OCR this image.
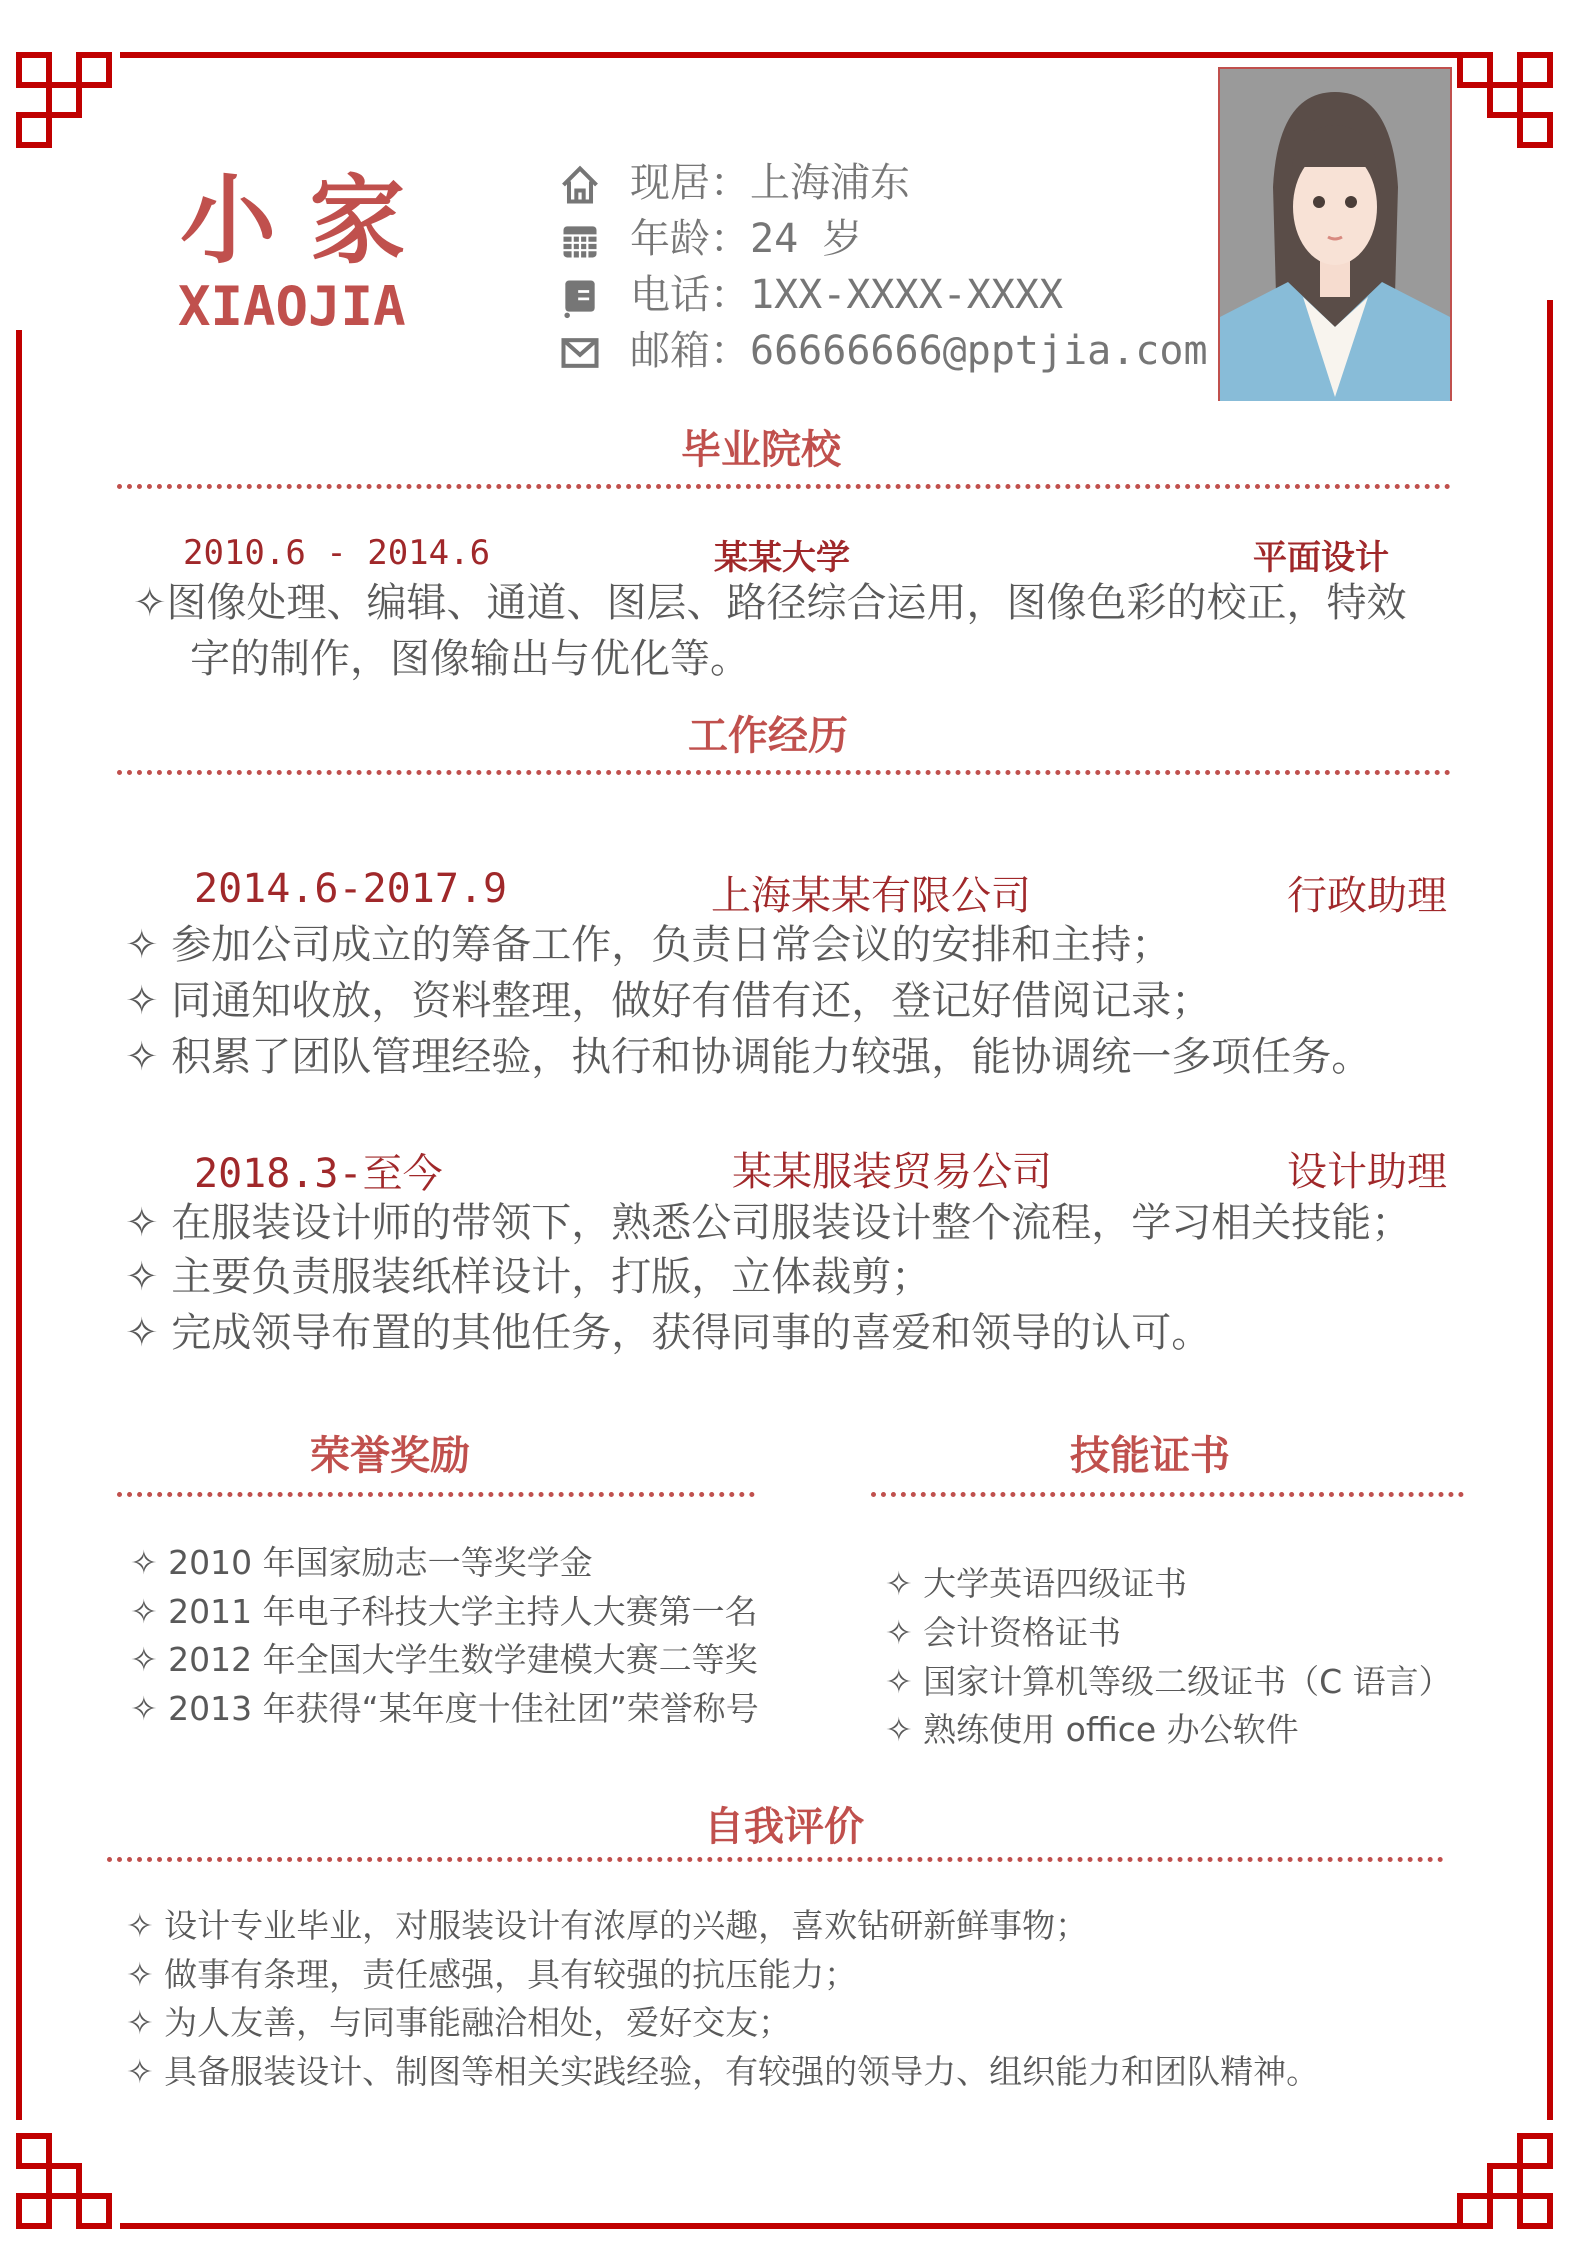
小 家
XIAOJIA
现居：上海浦东
年龄：24 岁
电话：1XX-XXXX-XXXX
邮箱：66666666@pptjia.com
毕业院校
2010.6 - 2014.6	某某大学	平面设计
✧图像处理、编辑、通道、图层、路径综合运用，图像色彩的校正，特效
字的制作，图像输出与优化等。
工作经历
2014.6-2017.9	上海某某有限公司	行政助理
✧ 参加公司成立的筹备工作，负责日常会议的安排和主持；
✧ 同通知收放，资料整理，做好有借有还，登记好借阅记录；
✧ 积累了团队管理经验，执行和协调能力较强，能协调统一多项任务。
2018.3-至今	某某服装贸易公司	设计助理
✧ 在服装设计师的带领下，熟悉公司服装设计整个流程，学习相关技能；
✧ 主要负责服装纸样设计，打版，立体裁剪；
✧ 完成领导布置的其他任务，获得同事的喜爱和领导的认可。
荣誉奖励
✧ 2010 年国家励志一等奖学金
✧ 2011 年电子科技大学主持人大赛第一名
✧ 2012 年全国大学生数学建模大赛二等奖
✧ 2013 年获得“某年度十佳社团”荣誉称号
技能证书
✧ 大学英语四级证书
✧ 会计资格证书
✧ 国家计算机等级二级证书（C 语言）
✧ 熟练使用 office 办公软件
自我评价
✧ 设计专业毕业，对服装设计有浓厚的兴趣，喜欢钻研新鲜事物；
✧ 做事有条理，责任感强，具有较强的抗压能力；
✧ 为人友善，与同事能融洽相处，爱好交友；
✧ 具备服装设计、制图等相关实践经验，有较强的领导力、组织能力和团队精神。
